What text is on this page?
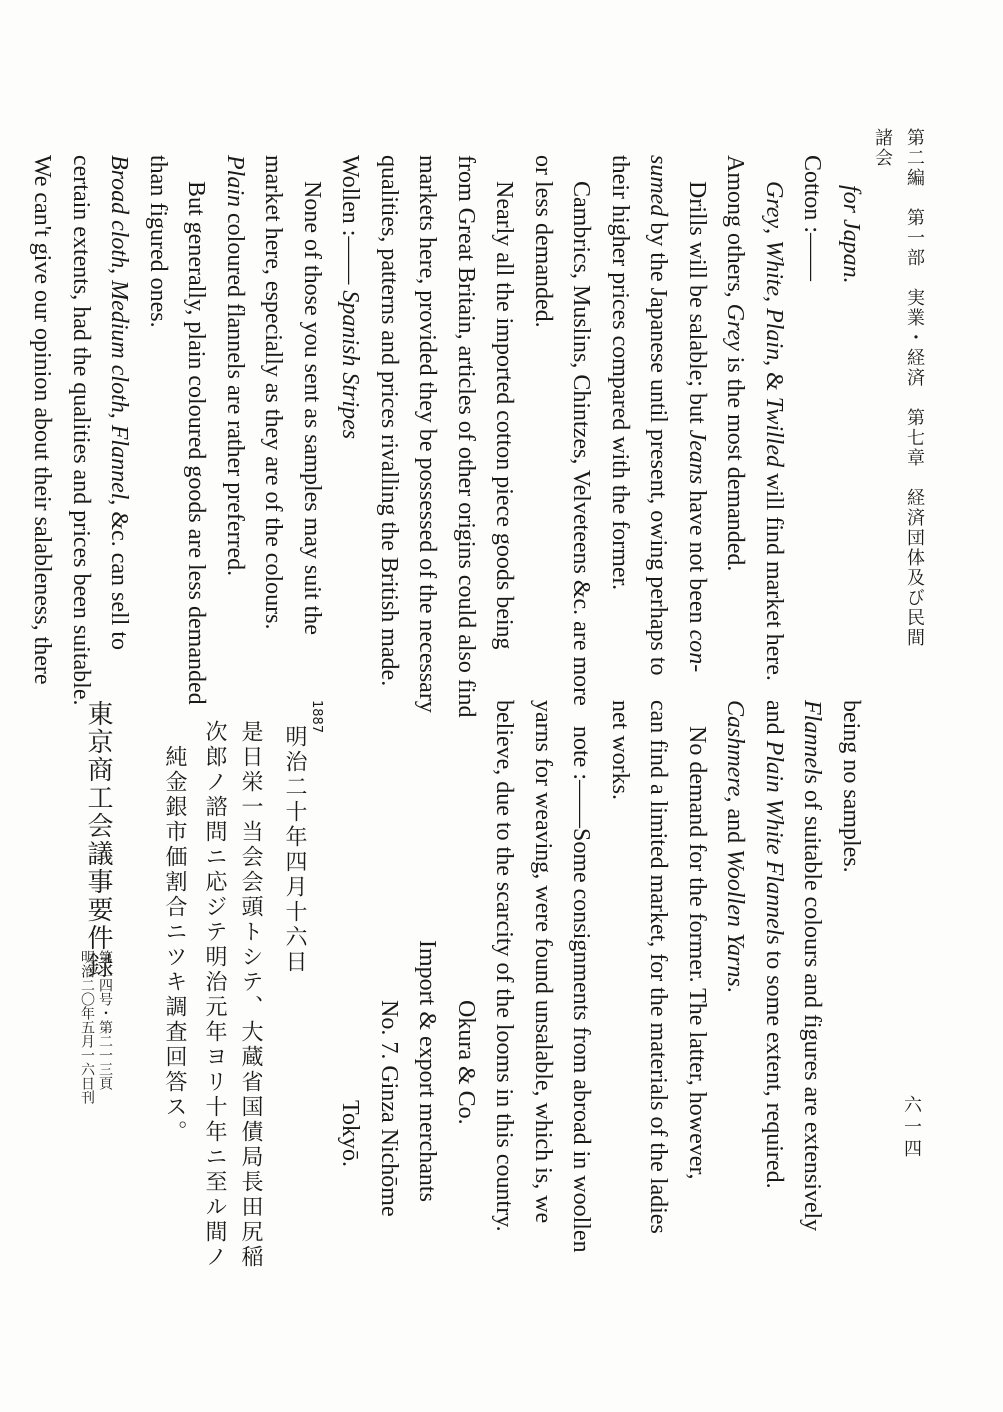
第二編　第一部　実業・経済　第七章　経済団体及び民間諸会
六一四
for Japan.
Cotton :——
Grey, White, Plain, & Twilled will find market here.
Among others, Grey is the most demanded.
Drills will be salable; but Jeans have not been con-
sumed by the Japanese until present, owing perhaps to
their higher prices compared with the former.
Cambrics, Muslins, Chintzes, Velveteens &c. are more
or less demanded.
Nearly all the imported cotton piece goods being
from Great Britain, articles of other origins could also find
markets here, provided they be possessed of the necessary
qualities, patterns and prices rivalling the British made.
Wollen :—— Spanish Stripes
None of those you sent as samples may suit the
market here, especially as they are of the colours.
Plain coloured flannels are rather preferred.
But generally, plain coloured goods are less demanded
than figured ones.
Broad cloth, Medium cloth, Flannel, &c. can sell to
certain extents, had the qualities and prices been suitable.
We can't give our opinion about their salableness, there
being no samples.
Flannels of suitable colours and figures are extensively
and Plain White Flannels to some extent, required.
Cashmere, and Woollen Yarns.
No demand for the former. The latter, however,
can find a limited market, for the materials of the ladies
net works.
note :——Some consignments from abroad in woollen
yarns for weaving, were found unsalable, which is, we
believe, due to the scarcity of the looms in this country.
Okura & Co.
Import & export merchants
No. 7. Ginza Nichōme
Tokyō.
1887
明治二十年四月十六日
是日栄一当会会頭トシテ、大蔵省国債局長田尻稲
次郎ノ諮問ニ応ジテ明治元年ヨリ十年ニ至ル間ノ
純金銀市価割合ニツキ調査回答ス。
東京商工会議事要件録
第二四号・第二一三頁
明治二〇年五月一六日刊
